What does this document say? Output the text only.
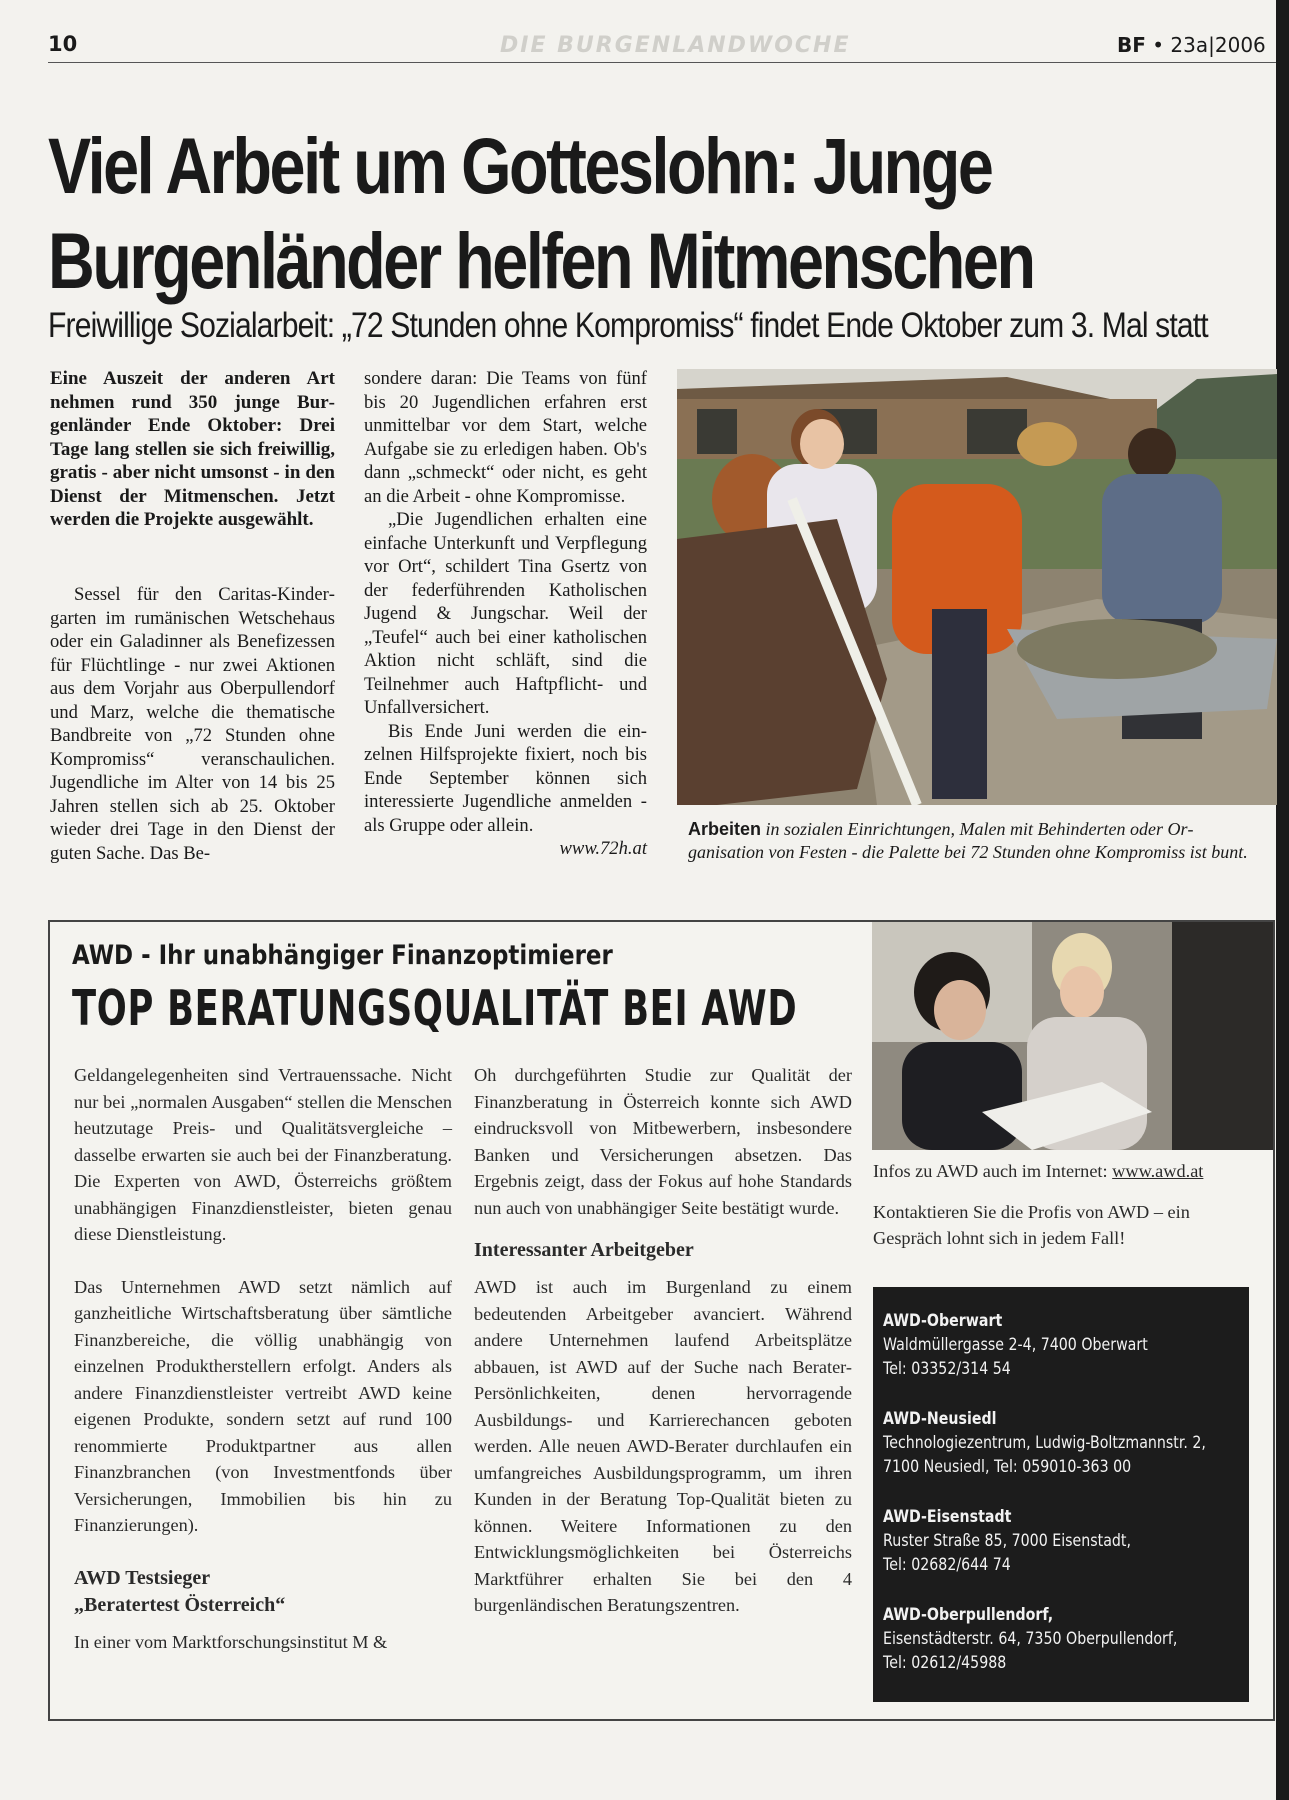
10	DIE BURGENLANDWOCHE	BF • 23a|2006
Viel Arbeit um Gotteslohn: Junge
Burgenländer helfen Mitmenschen
Freiwillige Sozialarbeit: „72 Stunden ohne Kompromiss“ findet Ende Oktober zum 3. Mal statt
Eine Auszeit der anderen Art nehmen rund 350 junge Burgenländer Ende Oktober: Drei Tage lang stellen sie sich freiwillig, gratis - aber nicht umsonst - in den Dienst der Mitmenschen. Jetzt werden die Projekte ausgewählt.

Sessel für den Caritas-Kindergarten im rumänischen Wetschehaus oder ein Galadinner als Benefizessen für Flüchtlinge - nur zwei Aktionen aus dem Vorjahr aus Oberpullendorf und Marz, welche die thematische Bandbreite von „72 Stunden ohne Kompromiss“ veranschaulichen. Jugendliche im Alter von 14 bis 25 Jahren stellen sich ab 25. Oktober wieder drei Tage in den Dienst der guten Sache. Das Be-

sondere daran: Die Teams von fünf bis 20 Jugendlichen erfahren erst unmittelbar vor dem Start, welche Aufgabe sie zu erledigen haben. Ob's dann „schmeckt“ oder nicht, es geht an die Arbeit - ohne Kompromisse.

„Die Jugendlichen erhalten eine einfache Unterkunft und Verpflegung vor Ort“, schildert Tina Gsertz von der federführenden Katholischen Jugend & Jungschar. Weil der „Teufel“ auch bei einer katholischen Aktion nicht schläft, sind die Teilnehmer auch Haftpflicht- und Unfallversichert.

Bis Ende Juni werden die einzelnen Hilfsprojekte fixiert, noch bis Ende September können sich interessierte Jugendliche anmelden - als Gruppe oder allein.

www.72h.at
Arbeiten in sozialen Einrichtungen, Malen mit Behinderten oder Organisation von Festen - die Palette bei 72 Stunden ohne Kompromiss ist bunt.
AWD - Ihr unabhängiger Finanzoptimierer
TOP BERATUNGSQUALITÄT BEI AWD

Geldangelegenheiten sind Vertrauenssache. Nicht nur bei „normalen Ausgaben“ stellen die Menschen heutzutage Preis- und Qualitätsvergleiche – dasselbe erwarten sie auch bei der Finanzberatung. Die Experten von AWD, Österreichs größtem unabhängigen Finanzdienstleister, bieten genau diese Dienstleistung.

Das Unternehmen AWD setzt nämlich auf ganzheitliche Wirtschaftsberatung über sämtliche Finanzbereiche, die völlig unabhängig von einzelnen Produktherstellern erfolgt. Anders als andere Finanzdienstleister vertreibt AWD keine eigenen Produkte, sondern setzt auf rund 100 renommierte Produktpartner aus allen Finanzbranchen (von Investmentfonds über Versicherungen, Immobilien bis hin zu Finanzierungen).

AWD Testsieger
„Beratertest Österreich“

In einer vom Marktforschungsinstitut M &

Oh durchgeführten Studie zur Qualität der Finanzberatung in Österreich konnte sich AWD eindrucksvoll von Mitbewerbern, insbesondere Banken und Versicherungen absetzen. Das Ergebnis zeigt, dass der Fokus auf hohe Standards nun auch von unabhängiger Seite bestätigt wurde.

Interessanter Arbeitgeber

AWD ist auch im Burgenland zu einem bedeutenden Arbeitgeber avanciert. Während andere Unternehmen laufend Arbeitsplätze abbauen, ist AWD auf der Suche nach Berater-Persönlichkeiten, denen hervorragende Ausbildungs- und Karrierechancen geboten werden. Alle neuen AWD-Berater durchlaufen ein umfangreiches Ausbildungsprogramm, um ihren Kunden in der Beratung Top-Qualität bieten zu können. Weitere Informationen zu den Entwicklungsmöglichkeiten bei Österreichs Marktführer erhalten Sie bei den 4 burgenländischen Beratungszentren.

Infos zu AWD auch im Internet: www.awd.at

Kontaktieren Sie die Profis von AWD – ein Gespräch lohnt sich in jedem Fall!

AWD-Oberwart
Waldmüllergasse 2-4, 7400 Oberwart
Tel: 03352/314 54
AWD-Neusiedl
Technologiezentrum, Ludwig-Boltzmannstr. 2,
7100 Neusiedl, Tel: 059010-363 00
AWD-Eisenstadt
Ruster Straße 85, 7000 Eisenstadt,
Tel: 02682/644 74
AWD-Oberpullendorf,
Eisenstädterstr. 64, 7350 Oberpullendorf,
Tel: 02612/45988
